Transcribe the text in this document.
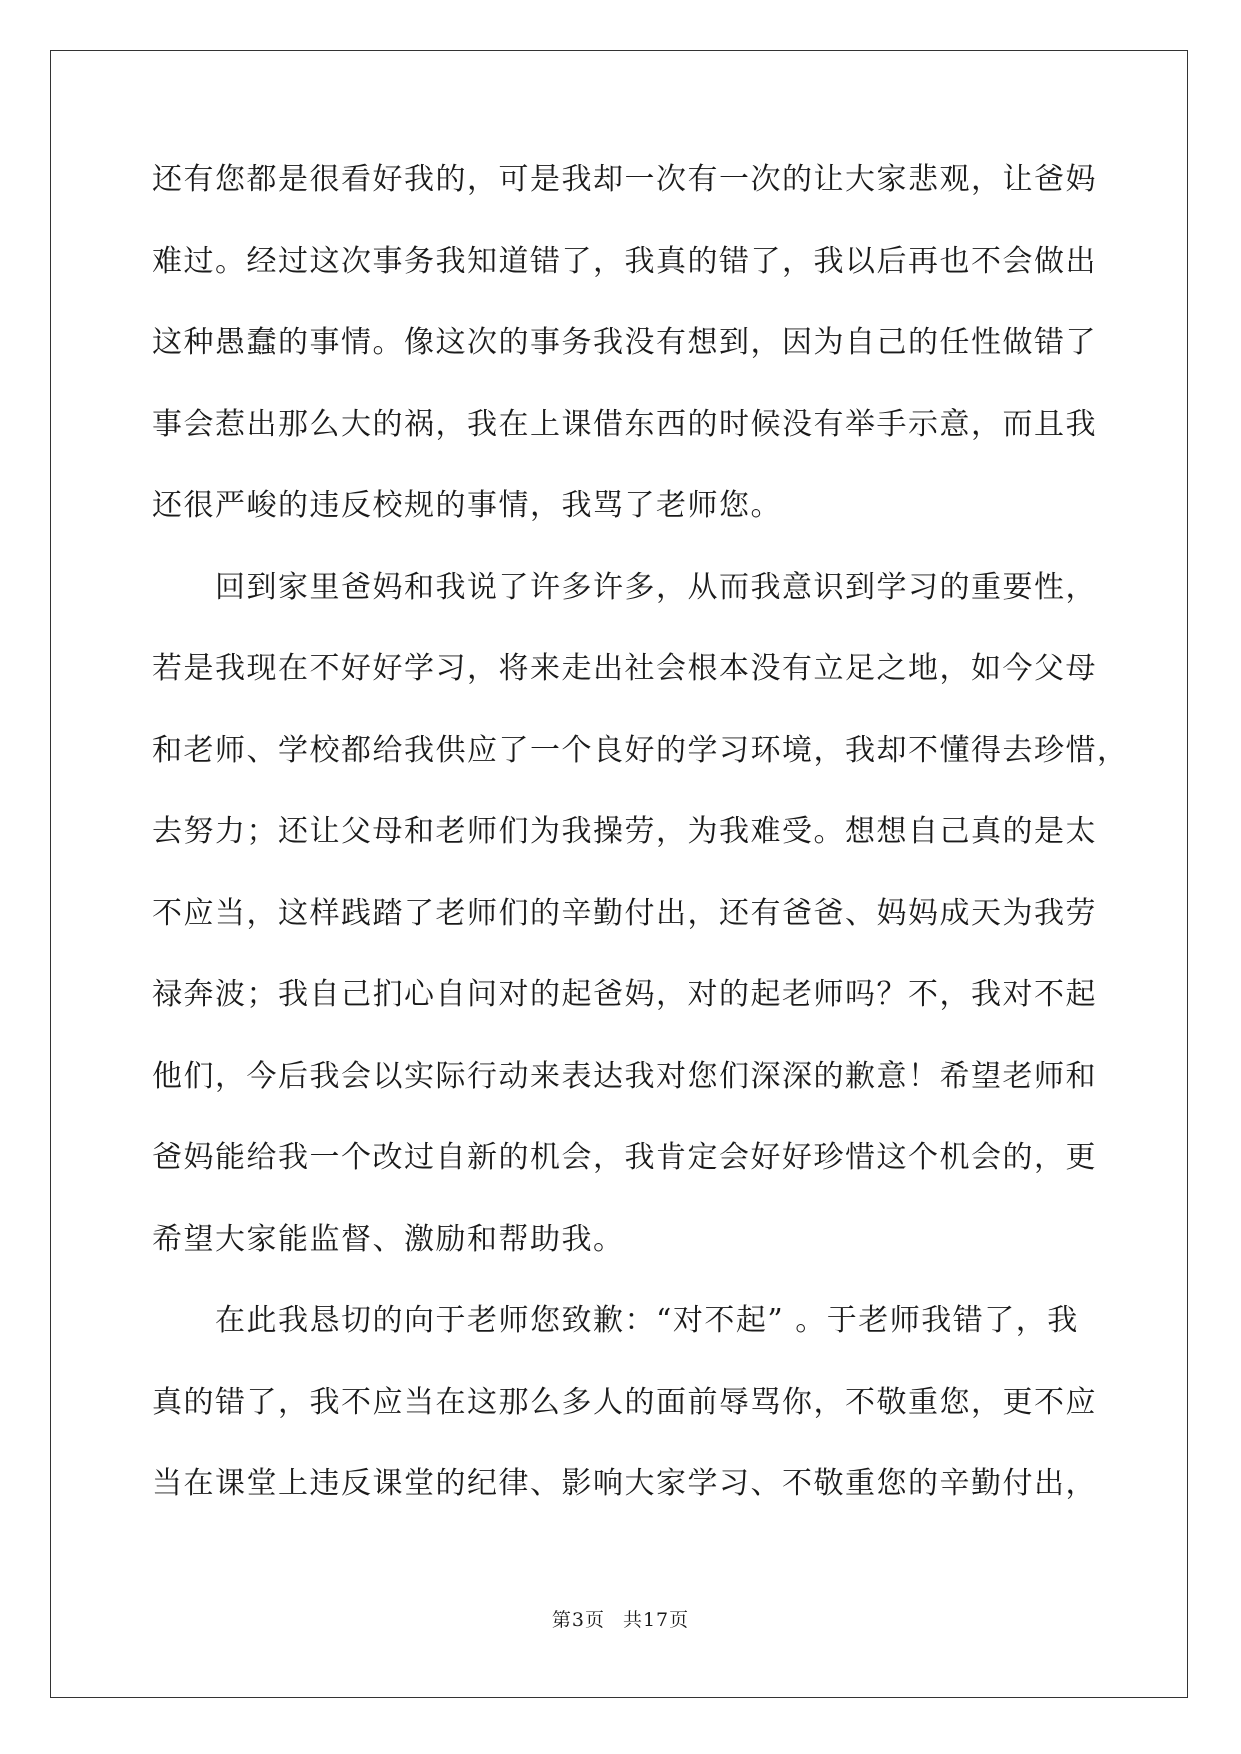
还有您都是很看好我的，可是我却一次有一次的让大家悲观，让爸妈
难过。经过这次事务我知道错了，我真的错了，我以后再也不会做出
这种愚蠢的事情。像这次的事务我没有想到，因为自己的任性做错了
事会惹出那么大的祸，我在上课借东西的时候没有举手示意，而且我
还很严峻的违反校规的事情，我骂了老师您。
　　回到家里爸妈和我说了许多许多，从而我意识到学习的重要性，
若是我现在不好好学习，将来走出社会根本没有立足之地，如今父母
和老师、学校都给我供应了一个良好的学习环境，我却不懂得去珍惜，
去努力；还让父母和老师们为我操劳，为我难受。想想自己真的是太
不应当，这样践踏了老师们的辛勤付出，还有爸爸、妈妈成天为我劳
禄奔波；我自己扪心自问对的起爸妈，对的起老师吗？不，我对不起
他们，今后我会以实际行动来表达我对您们深深的歉意！希望老师和
爸妈能给我一个改过自新的机会，我肯定会好好珍惜这个机会的，更
希望大家能监督、激励和帮助我。
　　在此我恳切的向于老师您致歉：“对不起” 。于老师我错了，我
真的错了，我不应当在这那么多人的面前辱骂你，不敬重您，更不应
当在课堂上违反课堂的纪律、影响大家学习、不敬重您的辛勤付出，
第3页 共17页
